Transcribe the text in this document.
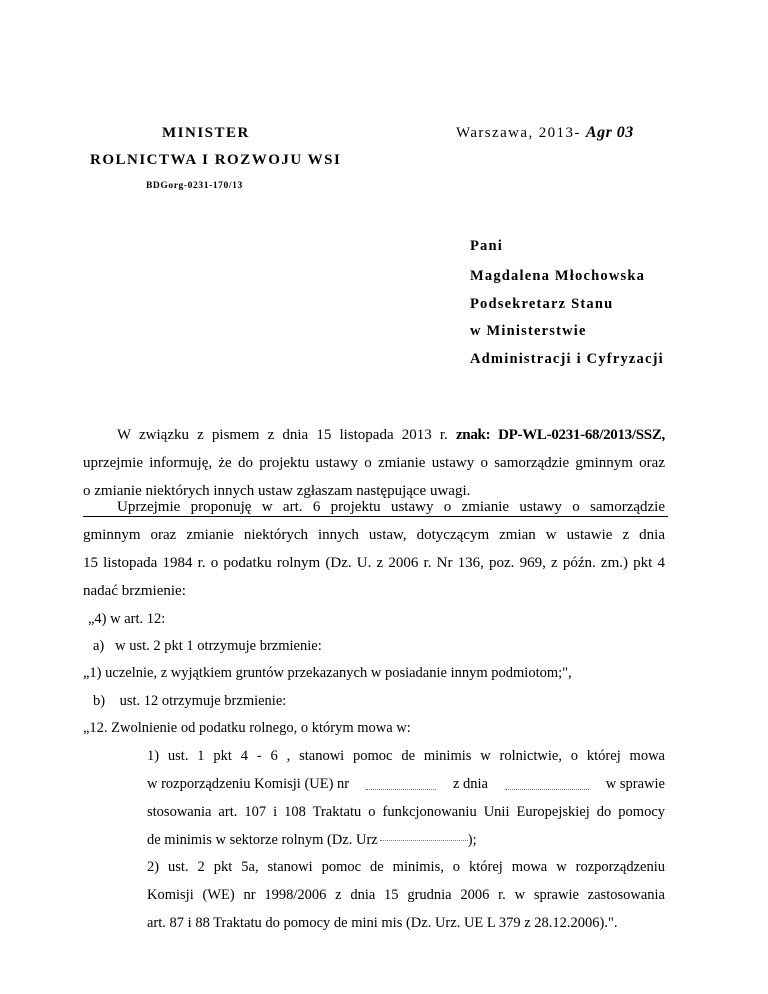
MINISTER
ROLNICTWA I ROZWOJU WSI
BDGorg-0231-170/13
Warszawa, 2013- Agr 03
Pani
Magdalena Młochowska
Podsekretarz Stanu
w Ministerstwie
Administracji i Cyfryzacji
W związku z pismem z dnia 15 listopada 2013 r. znak: DP-WL-0231-68/2013/SSZ,
uprzejmie informuję, że do projektu ustawy o zmianie ustawy o samorządzie gminnym oraz
o zmianie niektórych innych ustaw zgłaszam następujące uwagi.
Uprzejmie proponuję w art. 6 projektu ustawy o zmianie ustawy o samorządzie
gminnym oraz zmianie niektórych innych ustaw, dotyczącym zmian w ustawie z dnia
15 listopada 1984 r. o podatku rolnym (Dz. U. z 2006 r. Nr 136, poz. 969, z późn. zm.) pkt 4
nadać brzmienie:
„4) w art. 12:
a) w ust. 2 pkt 1 otrzymuje brzmienie:
„1) uczelnie, z wyjątkiem gruntów przekazanych w posiadanie innym podmiotom;",
b) ust. 12 otrzymuje brzmienie:
„12. Zwolnienie od podatku rolnego, o którym mowa w:
1) ust. 1 pkt 4 - 6 , stanowi pomoc de minimis w rolnictwie, o której mowa
w rozporządzeniu Komisji (UE) nr	z dnia	w sprawie
stosowania art. 107 i 108 Traktatu o funkcjonowaniu Unii Europejskiej do pomocy
de minimis w sektorze rolnym (Dz. Urz	);
2) ust. 2 pkt 5a, stanowi pomoc de minimis, o której mowa w rozporządzeniu
Komisji (WE) nr 1998/2006 z dnia 15 grudnia 2006 r. w sprawie zastosowania
art. 87 i 88 Traktatu do pomocy de mini mis (Dz. Urz. UE L 379 z 28.12.2006).".
